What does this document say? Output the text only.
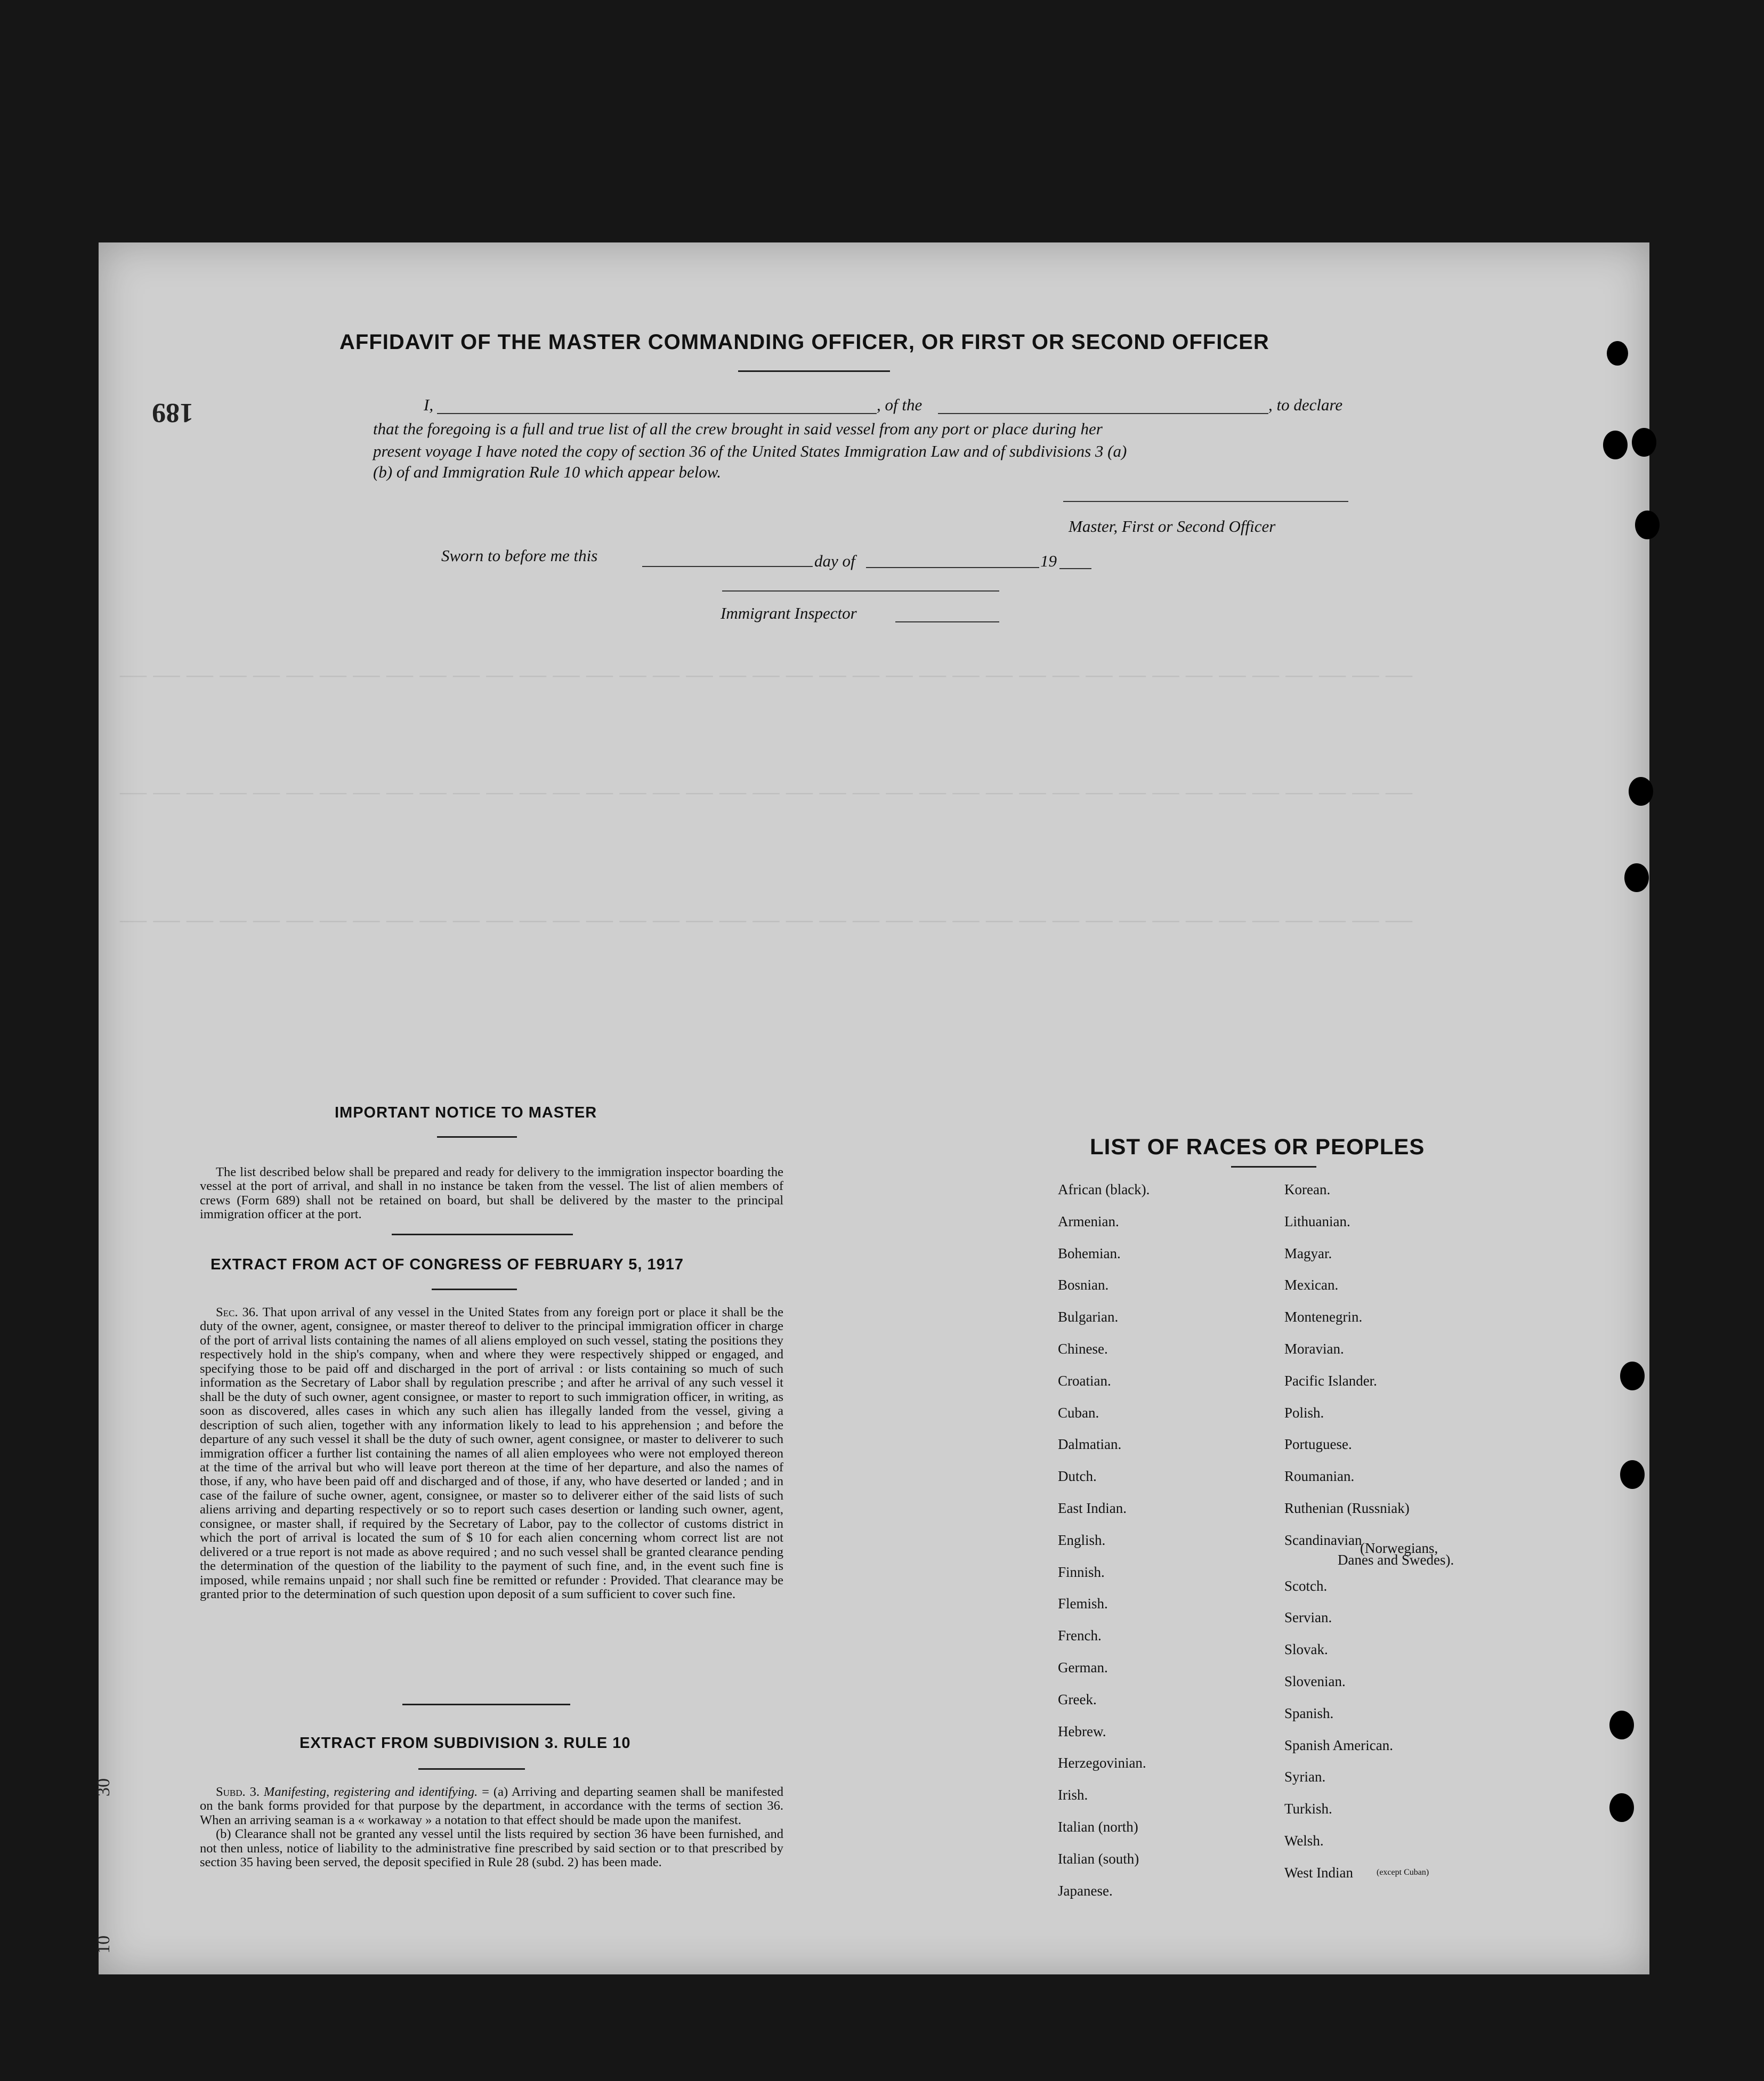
— — — — — — — — — — — — — — — — — — — — — — — — — — — — — — — — — — — — — — —
— — — — — — — — — — — — — — — — — — — — — — — — — — — — — — — — — — — — — — —
— — — — — — — — — — — — — — — — — — — — — — — — — — — — — — — — — — — — — — —
189
30
10
AFFIDAVIT OF THE MASTER COMMANDING OFFICER, OR FIRST OR SECOND OFFICER
I,	, of the	, to declare
that the foregoing is a full and true list of all the crew brought in said vessel from any port or place during her
present voyage I have noted the copy of section 36 of the United States Immigration Law and of subdivisions 3 (a)
(b) of and Immigration Rule 10 which appear below.
Master, First or Second Officer
Sworn to before me this	day of	19
Immigrant Inspector
IMPORTANT NOTICE TO MASTER
The list described below shall be prepared and ready for delivery to the immigration inspector boarding the vessel at the port of arrival, and shall in no instance be taken from the vessel. The list of alien members of crews (Form 689) shall not be retained on board, but shall be delivered by the master to the principal immigration officer at the port.
EXTRACT FROM ACT OF CONGRESS OF FEBRUARY 5, 1917
Sec. 36. That upon arrival of any vessel in the United States from any foreign port or place it shall be the duty of the owner, agent, consignee, or master thereof to deliver to the principal immigration officer in charge of the port of arrival lists containing the names of all aliens employed on such vessel, stating the positions they respectively hold in the ship's company, when and where they were respectively shipped or engaged, and specifying those to be paid off and discharged in the port of arrival : or lists containing so much of such information as the Secretary of Labor shall by regulation prescribe ; and after he arrival of any such vessel it shall be the duty of such owner, agent consignee, or master to report to such immigration officer, in writing, as soon as discovered, alles cases in which any such alien has illegally landed from the vessel, giving a description of such alien, together with any information likely to lead to his apprehension ; and before the departure of any such vessel it shall be the duty of such owner, agent consignee, or master to deliverer to such immigration officer a further list containing the names of all alien employees who were not employed thereon at the time of the arrival but who will leave port thereon at the time of her departure, and also the names of those, if any, who have been paid off and discharged and of those, if any, who have deserted or landed ; and in case of the failure of suche owner, agent, consignee, or master so to deliverer either of the said lists of such aliens arriving and departing respectively or so to report such cases desertion or landing such owner, agent, consignee, or master shall, if required by the Secretary of Labor, pay to the collector of customs district in which the port of arrival is located the sum of $ 10 for each alien concerning whom correct list are not delivered or a true report is not made as above required ; and no such vessel shall be granted clearance pending the determination of the question of the liability to the payment of such fine, and, in the event such fine is imposed, while remains unpaid ; nor shall such fine be remitted or refunder : Provided. That clearance may be granted prior to the determination of such question upon deposit of a sum sufficient to cover such fine.
EXTRACT FROM SUBDIVISION 3. RULE 10
Subd. 3. Manifesting, registering and identifying. = (a) Arriving and departing seamen shall be manifested on the bank forms provided for that purpose by the department, in accordance with the terms of section 36. When an arriving seaman is a « workaway » a notation to that effect should be made upon the manifest.
(b) Clearance shall not be granted any vessel until the lists required by section 36 have been furnished, and not then unless, notice of liability to the administrative fine prescribed by said section or to that prescribed by section 35 having been served, the deposit specified in Rule 28 (subd. 2) has been made.
LIST OF RACES OR PEOPLES
African (black).
Armenian.
Bohemian.
Bosnian.
Bulgarian.
Chinese.
Croatian.
Cuban.
Dalmatian.
Dutch.
East Indian.
English.
Finnish.
Flemish.
French.
German.
Greek.
Hebrew.
Herzegovinian.
Irish.
Italian (north)
Italian (south)
Japanese.
Korean.
Lithuanian.
Magyar.
Mexican.
Montenegrin.
Moravian.
Pacific Islander.
Polish.
Portuguese.
Roumanian.
Ruthenian (Russniak)
Scandinavian
Scotch.
Servian.
Slovak.
Slovenian.
Spanish.
Spanish American.
Syrian.
Turkish.
Welsh.
West Indian	(except Cuban)
(Norwegians,
Danes and Swedes).
